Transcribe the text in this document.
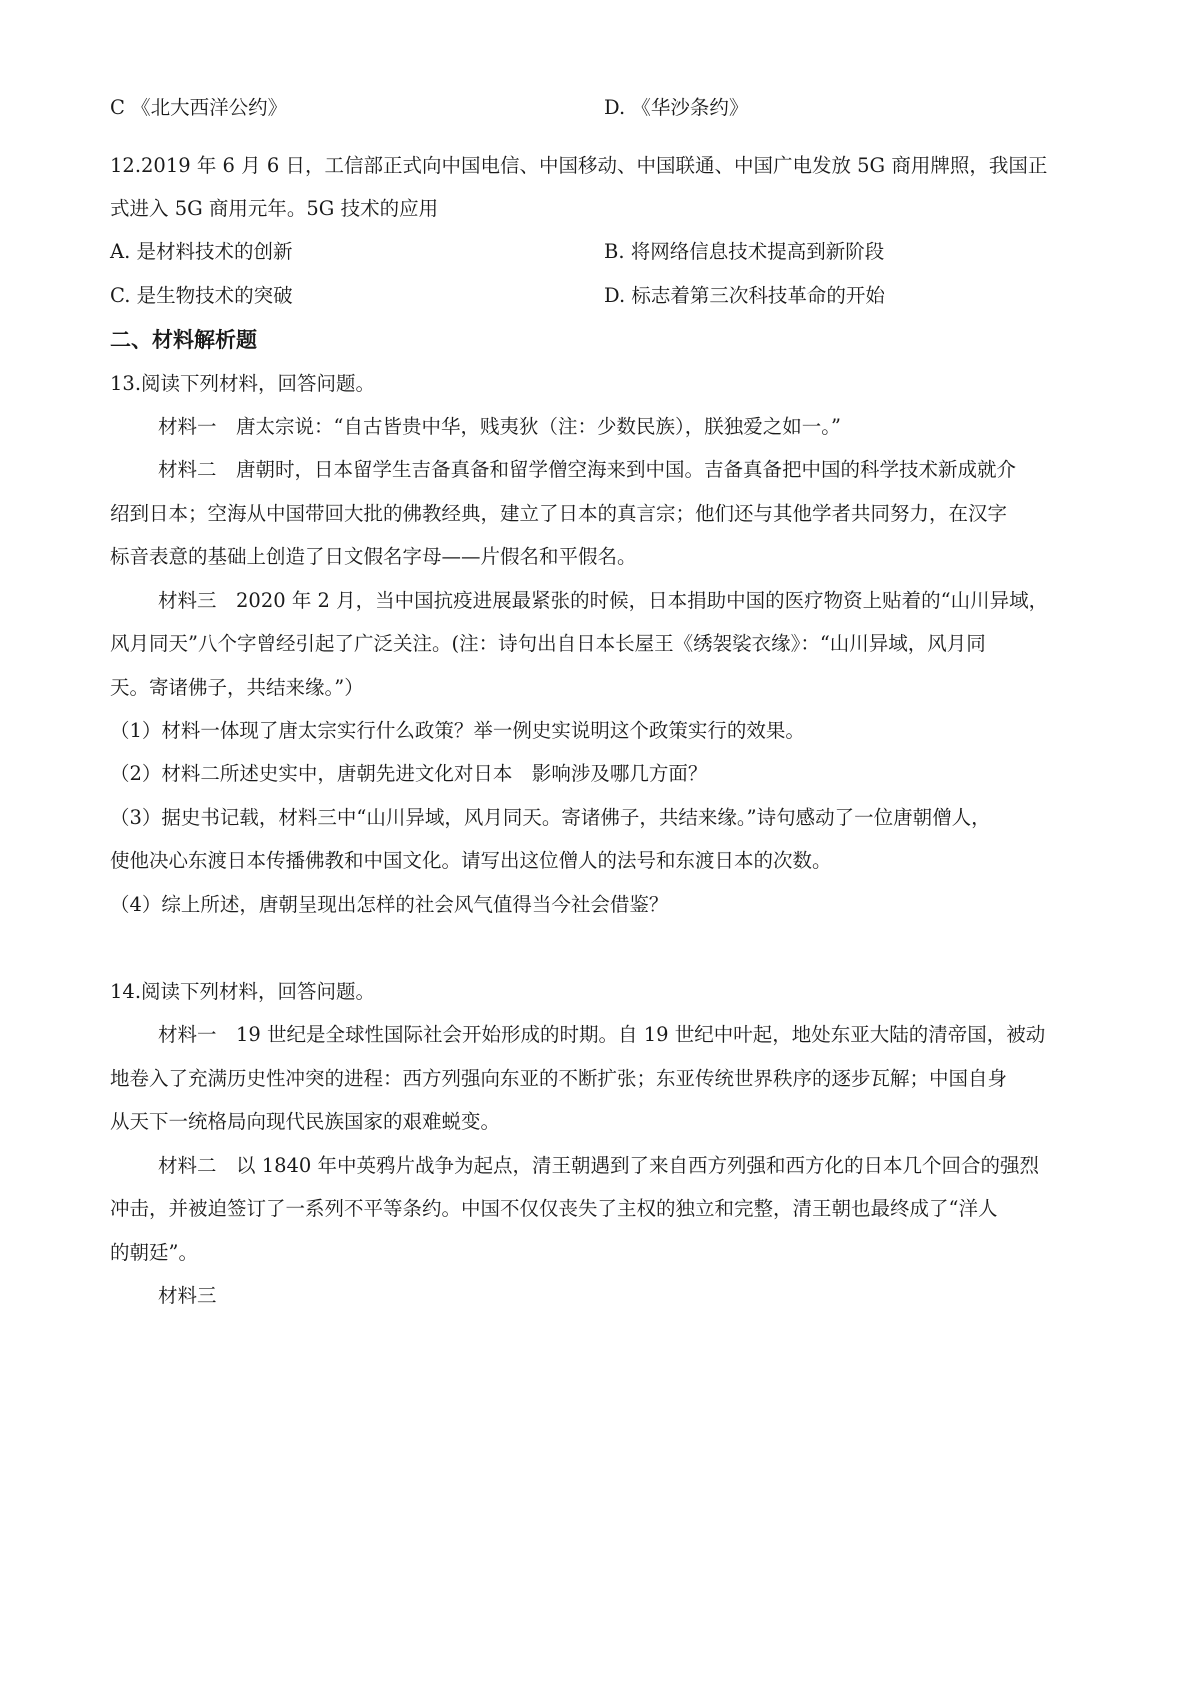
C 《北大西洋公约》	D. 《华沙条约》
12.2019 年 6 月 6 日，工信部正式向中国电信、中国移动、中国联通、中国广电发放 5G 商用牌照，我国正
式进入 5G 商用元年。5G 技术的应用
A. 是材料技术的创新	B. 将网络信息技术提高到新阶段
C. 是生物技术的突破	D. 标志着第三次科技革命的开始
二、材料解析题
13.阅读下列材料，回答问题。
材料一　唐太宗说：“自古皆贵中华，贱夷狄（注：少数民族），朕独爱之如一。”
材料二　唐朝时，日本留学生吉备真备和留学僧空海来到中国。吉备真备把中国的科学技术新成就介
绍到日本；空海从中国带回大批的佛教经典，建立了日本的真言宗；他们还与其他学者共同努力，在汉字
标音表意的基础上创造了日文假名字母——片假名和平假名。
材料三　2020 年 2 月，当中国抗疫进展最紧张的时候，日本捐助中国的医疗物资上贴着的“山川异域，
风月同天”八个字曾经引起了广泛关注。(注：诗句出自日本长屋王《绣袈裟衣缘》：“山川异域，风月同
天。寄诸佛子，共结来缘。”）
（1）材料一体现了唐太宗实行什么政策？举一例史实说明这个政策实行的效果。
（2）材料二所述史实中，唐朝先进文化对日本　影响涉及哪几方面？
（3）据史书记载，材料三中“山川异域，风月同天。寄诸佛子，共结来缘。”诗句感动了一位唐朝僧人，
使他决心东渡日本传播佛教和中国文化。请写出这位僧人的法号和东渡日本的次数。
（4）综上所述，唐朝呈现出怎样的社会风气值得当今社会借鉴？
14.阅读下列材料，回答问题。
材料一　19 世纪是全球性国际社会开始形成的时期。自 19 世纪中叶起，地处东亚大陆的清帝国，被动
地卷入了充满历史性冲突的进程：西方列强向东亚的不断扩张；东亚传统世界秩序的逐步瓦解；中国自身
从天下一统格局向现代民族国家的艰难蜕变。
材料二　以 1840 年中英鸦片战争为起点，清王朝遇到了来自西方列强和西方化的日本几个回合的强烈
冲击，并被迫签订了一系列不平等条约。中国不仅仅丧失了主权的独立和完整，清王朝也最终成了“洋人
的朝廷”。
材料三
